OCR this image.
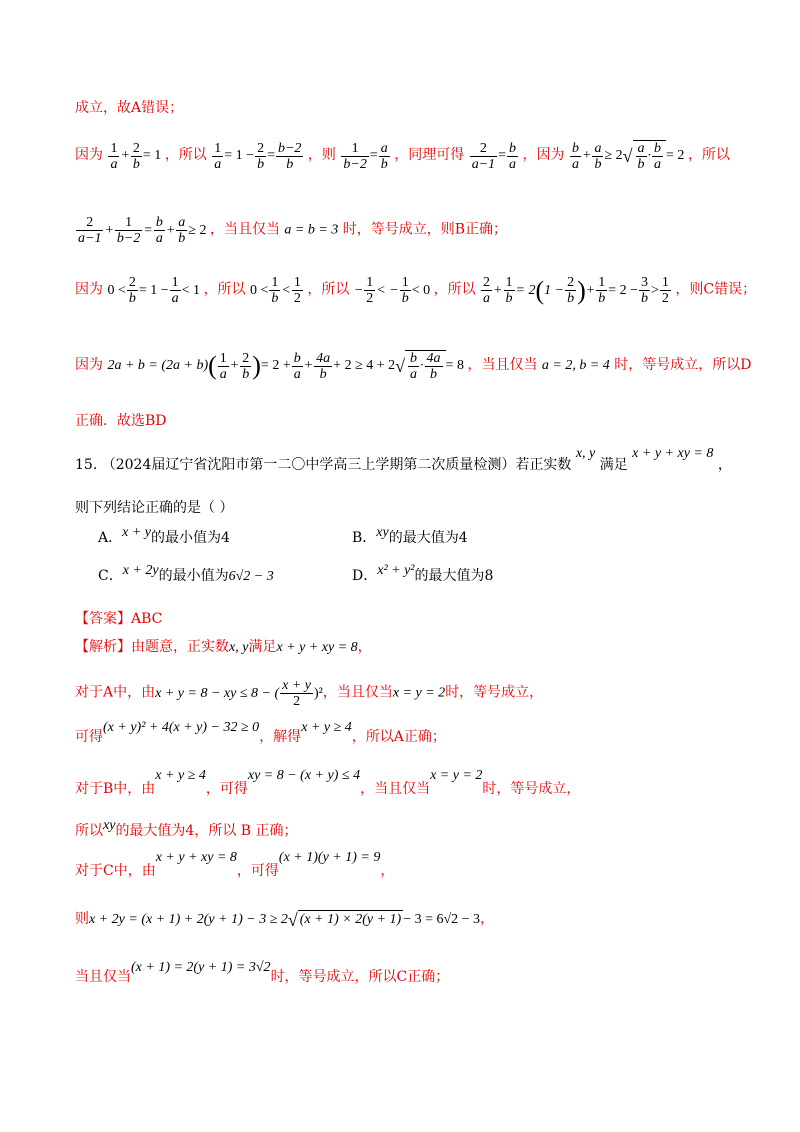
成立，故A错误；
因为 $\frac{1}{a} + \frac{2}{b} = 1$ ，所以 $\frac{1}{a} = 1 - \frac{2}{b} = \frac{b-2}{b}$ ，则 $\frac{1}{b-2} = \frac{a}{b}$ ，同理可得 $\frac{2}{a-1} = \frac{b}{a}$ ，因为 $\frac{b}{a} + \frac{a}{b} \ge 2√ \frac{a}{b} \cdot \frac{b}{a} = 2$ ，所以
$\frac{2}{a-1} + \frac{1}{b-2} = \frac{b}{a} + \frac{a}{b} \ge 2$ ，当且仅当 a = b = 3 时，等号成立，则B正确；
因为 $0 < \frac{2}{b} = 1 - \frac{1}{a} < 1$ ，所以 $0 < \frac{1}{b} < \frac{1}{2}$ ，所以 − $\frac{1}{2}$ < − $\frac{1}{b} < 0$ ，所以 $\frac{2}{a} + \frac{1}{b} = 2(1 - \frac{2}{b}$ )+ $\frac{1}{b} = 2 - \frac{3}{b} > \frac{1}{2}$ ，则C错误；
因为 $2a + b = (2a + b)( \frac{1}{a} + \frac{2}{b}$ )= $2 + \frac{b}{a} + \frac{4a}{b} + 2 \ge 4 + 2√ \frac{b}{a} \cdot \frac{4a}{b} = 8$ ，当且仅当 a = 2, b = 4 时，等号成立，所以D
正确．故选BD
15. （2024届辽宁省沈阳市第一二〇中学高三上学期第二次质量检测）若正实数 x, y 满足 x + y + xy = 8 ，
则下列结论正确的是（ ）
A．x + y的最小值为4	B．xy的最大值为4
C．x + 2y的最小值为6√2 − 3	D．x² + y²的最大值为8
【答案】ABC
【解析】由题意，正实数x, y满足x + y + xy = 8，
对于A中，由x + y = 8 − xy ≤ 8 − ( $\frac{x + y}{2} )^2$，当且仅当x = y = 2时，等号成立，
可得(x + y)² + 4(x + y) − 32 ≥ 0，解得x + y ≥ 4，所以A正确；
对于B中，由x + y ≥ 4，可得xy = 8 − (x + y) ≤ 4，当且仅当x = y = 2时，等号成立，
所以xy的最大值为4，所以 B 正确；
对于C中，由x + y + xy = 8，可得(x + 1)(y + 1) = 9，
则x + 2y = (x + 1) + 2(y + 1) − 3 ≥ 2√ (x + 1) × 2(y + 1) − 3 = 6√2 − 3，
当且仅当(x + 1) = 2(y + 1) = 3√2时，等号成立，所以C正确；
